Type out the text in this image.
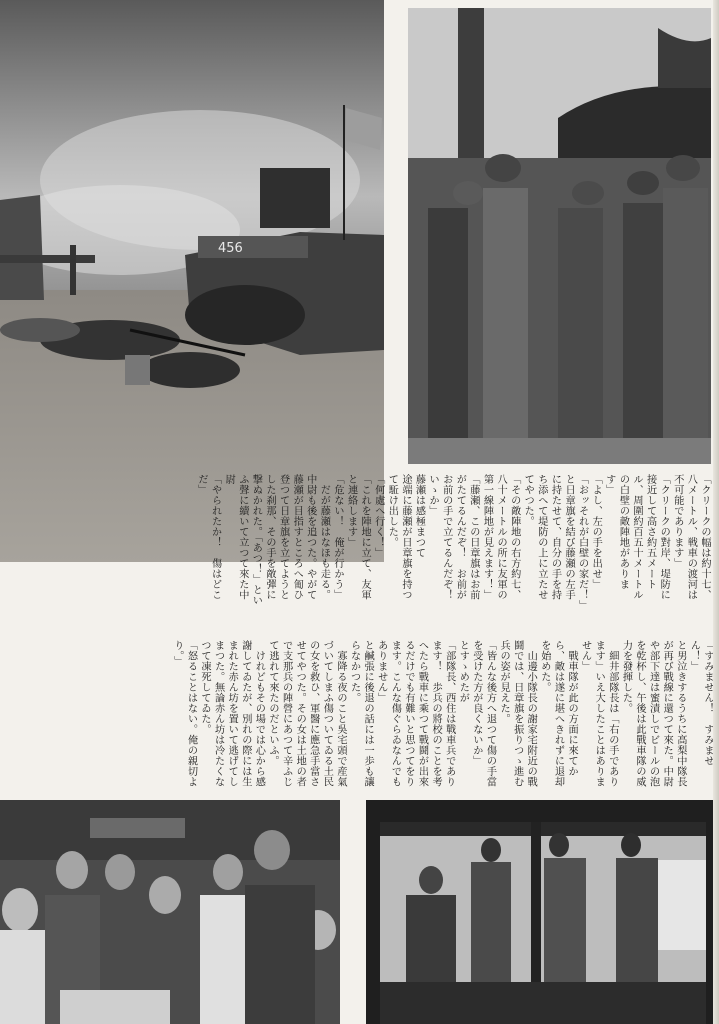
456
「クリークの幅は約十七、八メートル、戦車の渡河は不可能であります」
「クリークの對岸、堤防に接近して高さ約五メートル、周圍約百五十メートルの白壁の敵陣地があります」
「よし、左の手を出せ」
「おッそれが白壁の家だ！」と日章旗を結び藤瀬の左手に持たせて、自分の手を持ち添へて堤防の上に立たせてやつた。
「その敵陣地の右方約七、八十メートルの所に友軍の第一線陣地が見えます！」
「藤瀬、この日章旗はお前がたてるんだぞ！　お前がお前の手で立てるんだぞ！　いゝか」
藤瀬は感極まつて
途端に藤瀬が日章旗を持つて駈け出した。
「何處へ行く！」
「これを陣地に立て、友軍と連絡します」
「危ない！　俺が行かう」
　だが藤瀬はなほも走る。中尉も後を追つた。やがて藤瀬が目指すところへ匍ひ登つて日章旗を立てようとした刹那、その手を敵彈に撃ぬかれた。「あつ！」といふ聲に續いて立つて來た中尉
「やられたか！　傷はどこだ」
「すみません！　すみません！」
と男泣きするうちに高梨中隊長が再び戰線に還つて來た。中尉や部下達は蜜漬しでビールの泡を乾杯し、午後は此戰車隊の威力を發揮した。
　細井部隊長は「右の手であります」いえ大したことはありません」
　戰車隊が此の方面に來てから、敵は遂に堪へきれずに退却を始めた。
　山邊小隊長の謝家宅附近の戰鬪では、日章旗を振りつゝ進む兵の姿が見えた。
「皆んな後方へ退つて傷の手當を受けた方が良くないか」
とすゝめたが
「部隊長、西住は戰車兵であります！　歩兵の將校のことを考へたら戰車に乘つて戰鬪が出來るだけでも有難いと思つてをります。こんな傷ぐらゐなんでもありません」
と鹹張に後退の話には一歩も讓らなかつた。
　寡降る夜のこと吳宅頭で産氣づいてしまふ傷ついてゐる土民の女を救ひ、軍醫に應急手當させてやつた。その女は土地の者で支那兵の陣營にあつて辛ふじて逃れて來たのだといふ。
　けれどもその場では心から感謝してゐたが、別れの際には生まれた赤ん坊を置いて逃げてしまつた。無論赤ん坊は冷たくなつて凍死してゐた。
「怒ることはない。俺の親切より。」
